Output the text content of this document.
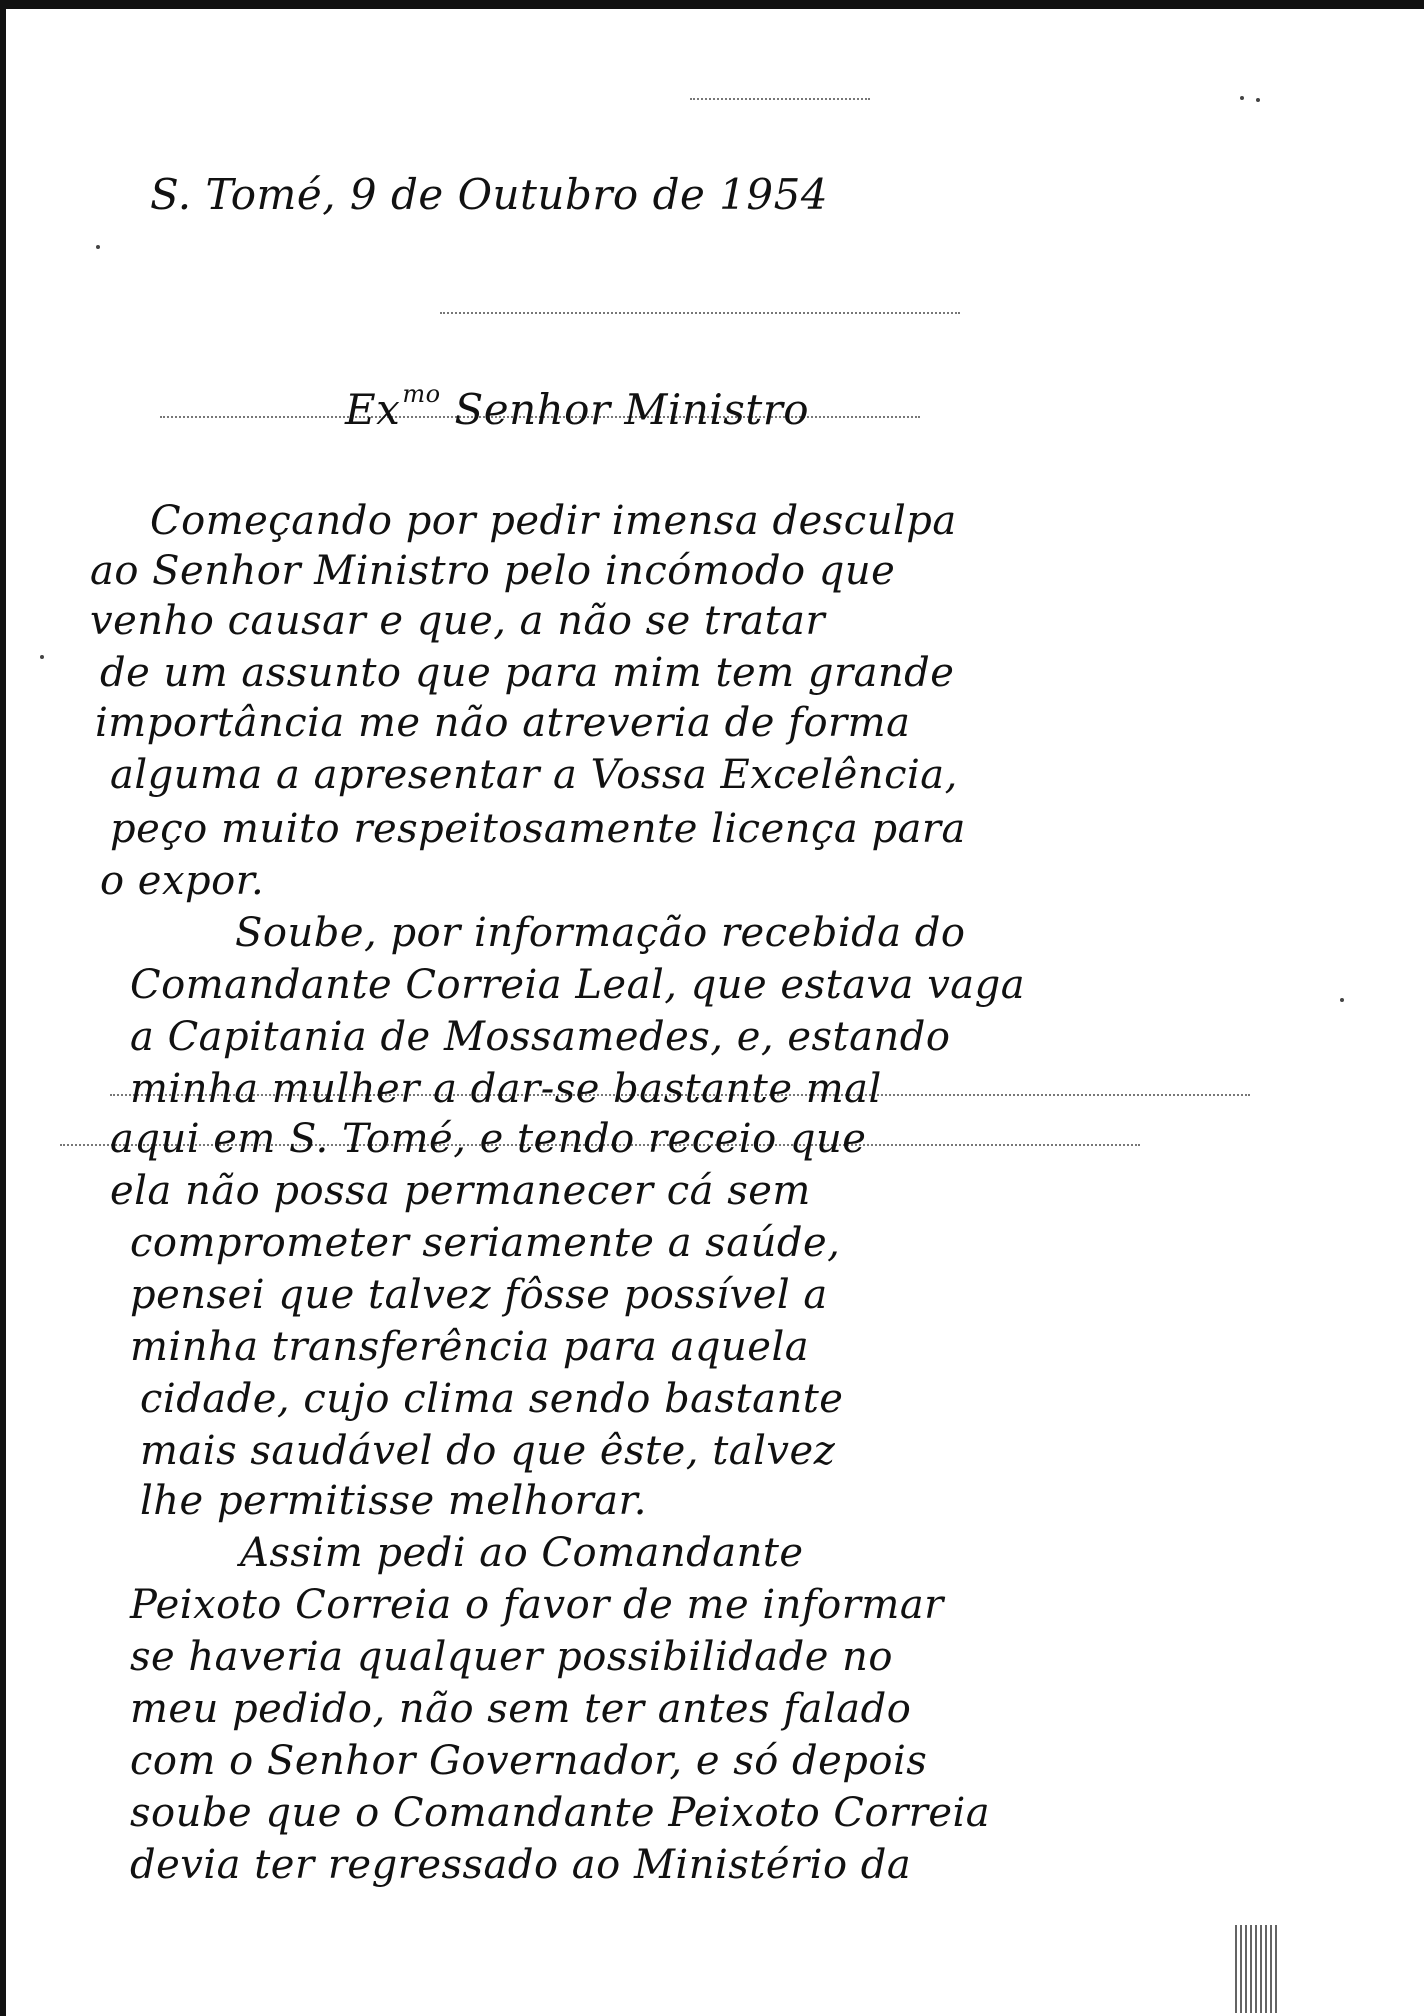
S. Tomé, 9 de Outubro de 1954
$Ex^{mo}$ Senhor Ministro
Começando por pedir imensa desculpa
ao Senhor Ministro pelo incómodo que
venho causar e que, a não se tratar
de um assunto que para mim tem grande
importância me não atreveria de forma
alguma a apresentar a Vossa Excelência,
peço muito respeitosamente licença para
o expor.
Soube, por informação recebida do
Comandante Correia Leal, que estava vaga
a Capitania de Mossamedes, e, estando
minha mulher a dar-se bastante mal
aqui em S. Tomé, e tendo receio que
ela não possa permanecer cá sem
comprometer seriamente a saúde,
pensei que talvez fôsse possível a
minha transferência para aquela
cidade, cujo clima sendo bastante
mais saudável do que êste, talvez
lhe permitisse melhorar.
Assim pedi ao Comandante
Peixoto Correia o favor de me informar
se haveria qualquer possibilidade no
meu pedido, não sem ter antes falado
com o Senhor Governador, e só depois
soube que o Comandante Peixoto Correia
devia ter regressado ao Ministério da
